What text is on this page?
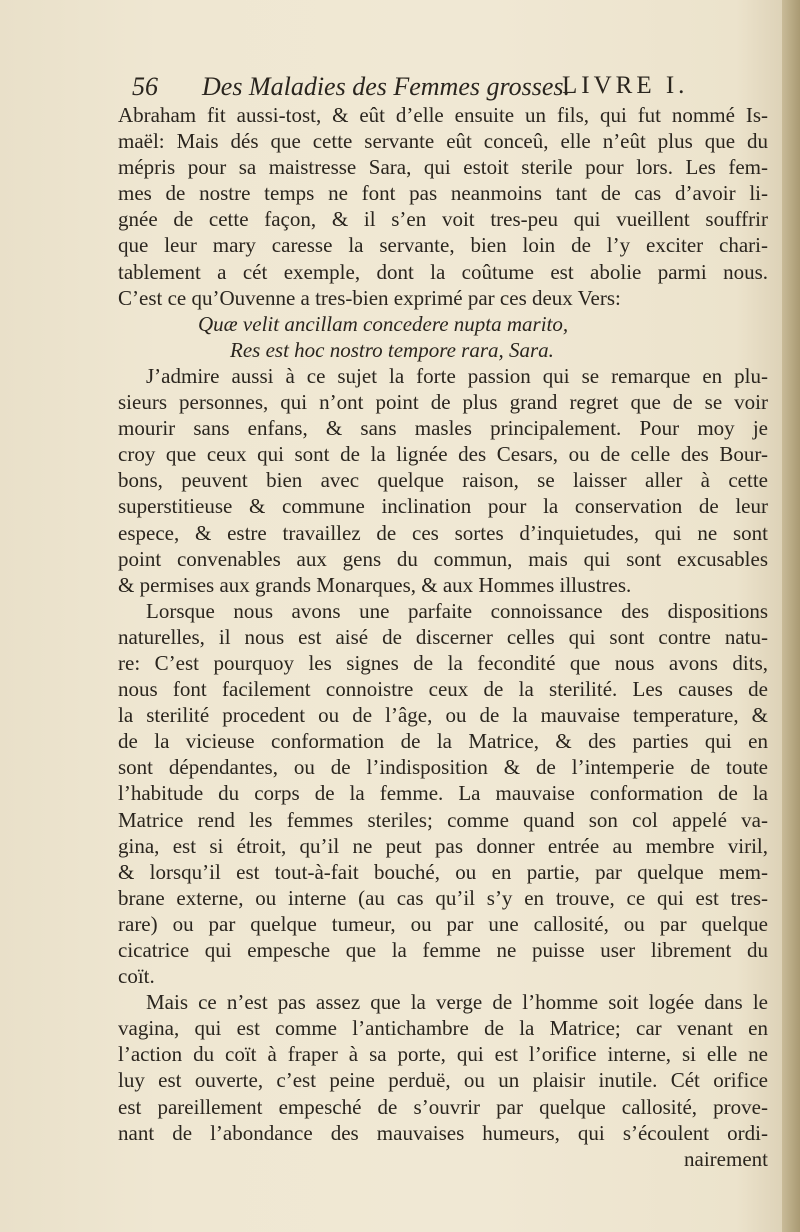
56 Des Maladies des Femmes grosses.
LIVRE I.
Abraham fit aussi-tost, & eût d’elle ensuite un fils, qui fut nommé Is-
maël: Mais dés que cette servante eût conceû, elle n’eût plus que du
mépris pour sa maistresse Sara, qui estoit sterile pour lors. Les fem-
mes de nostre temps ne font pas neanmoins tant de cas d’avoir li-
gnée de cette façon, & il s’en voit tres-peu qui vueillent souffrir
que leur mary caresse la servante, bien loin de l’y exciter chari-
tablement a cét exemple, dont la coûtume est abolie parmi nous.
C’est ce qu’Ouvenne a tres-bien exprimé par ces deux Vers:
Quæ velit ancillam concedere nupta marito,
Res est hoc nostro tempore rara, Sara.
J’admire aussi à ce sujet la forte passion qui se remarque en plu-
sieurs personnes, qui n’ont point de plus grand regret que de se voir
mourir sans enfans, & sans masles principalement. Pour moy je
croy que ceux qui sont de la lignée des Cesars, ou de celle des Bour-
bons, peuvent bien avec quelque raison, se laisser aller à cette
superstitieuse & commune inclination pour la conservation de leur
espece, & estre travaillez de ces sortes d’inquietudes, qui ne sont
point convenables aux gens du commun, mais qui sont excusables
& permises aux grands Monarques, & aux Hommes illustres.
Lorsque nous avons une parfaite connoissance des dispositions
naturelles, il nous est aisé de discerner celles qui sont contre natu-
re: C’est pourquoy les signes de la fecondité que nous avons dits,
nous font facilement connoistre ceux de la sterilité. Les causes de
la sterilité procedent ou de l’âge, ou de la mauvaise temperature, &
de la vicieuse conformation de la Matrice, & des parties qui en
sont dépendantes, ou de l’indisposition & de l’intemperie de toute
l’habitude du corps de la femme. La mauvaise conformation de la
Matrice rend les femmes steriles; comme quand son col appelé va-
gina, est si étroit, qu’il ne peut pas donner entrée au membre viril,
& lorsqu’il est tout-à-fait bouché, ou en partie, par quelque mem-
brane externe, ou interne (au cas qu’il s’y en trouve, ce qui est tres-
rare) ou par quelque tumeur, ou par une callosité, ou par quelque
cicatrice qui empesche que la femme ne puisse user librement du
coït.
Mais ce n’est pas assez que la verge de l’homme soit logée dans le
vagina, qui est comme l’antichambre de la Matrice; car venant en
l’action du coït à fraper à sa porte, qui est l’orifice interne, si elle ne
luy est ouverte, c’est peine perduë, ou un plaisir inutile. Cét orifice
est pareillement empesché de s’ouvrir par quelque callosité, prove-
nant de l’abondance des mauvaises humeurs, qui s’écoulent ordi-
nairement
